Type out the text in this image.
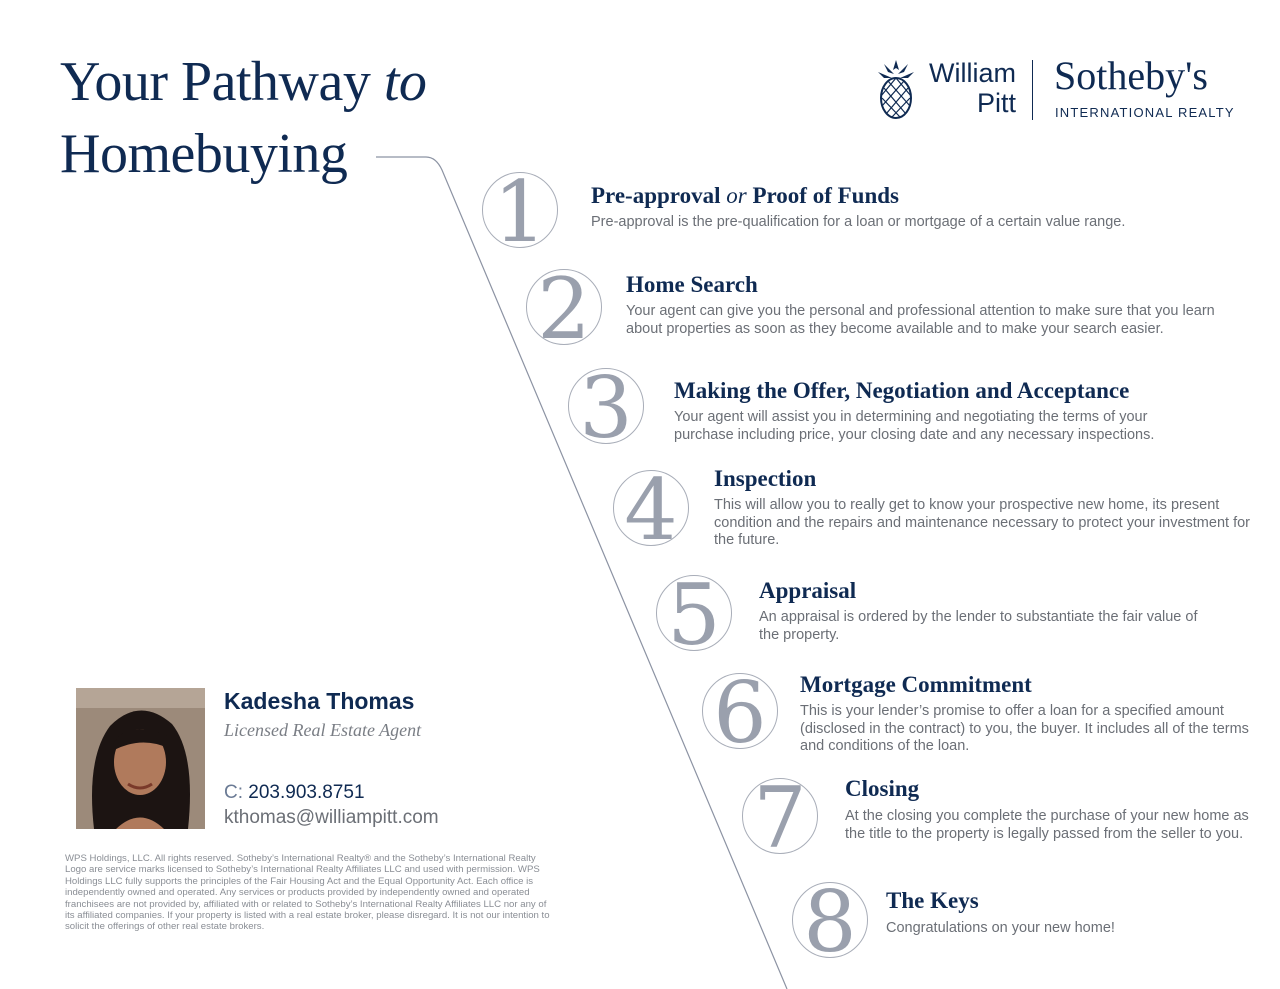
Your Pathway to
Homebuying
William
Pitt
Sotheby's
INTERNATIONAL REALTY
1	Pre-approval or Proof of Funds
Pre-approval is the pre-qualification for a loan or mortgage of a certain value range.
2	Home Search
Your agent can give you the personal and professional attention to make sure that you learn about properties as soon as they become available and to make your search easier.
3	Making the Offer, Negotiation and Acceptance
Your agent will assist you in determining and negotiating the terms of your purchase including price, your closing date and any necessary inspections.
4	Inspection
This will allow you to really get to know your prospective new home, its present condition and the repairs and maintenance necessary to protect your investment for the future.
5	Appraisal
An appraisal is ordered by the lender to substantiate the fair value of the property.
6	Mortgage Commitment
This is your lender’s promise to offer a loan for a specified amount (disclosed in the contract) to you, the buyer. It includes all of the terms and conditions of the loan.
7	Closing
At the closing you complete the purchase of your new home as the title to the property is legally passed from the seller to you.
8	The Keys
Congratulations on your new home!
Kadesha Thomas
Licensed Real Estate Agent
C: 203.903.8751
kthomas@williampitt.com
WPS Holdings, LLC. All rights reserved. Sotheby’s International Realty® and the Sotheby’s International Realty Logo are service marks licensed to Sotheby’s International Realty Affiliates LLC and used with permission. WPS Holdings LLC fully supports the principles of the Fair Housing Act and the Equal Opportunity Act. Each office is independently owned and operated. Any services or products provided by independently owned and operated franchisees are not provided by, affiliated with or related to Sotheby’s International Realty Affiliates LLC nor any of its affiliated companies. If your property is listed with a real estate broker, please disregard. It is not our intention to solicit the offerings of other real estate brokers.
